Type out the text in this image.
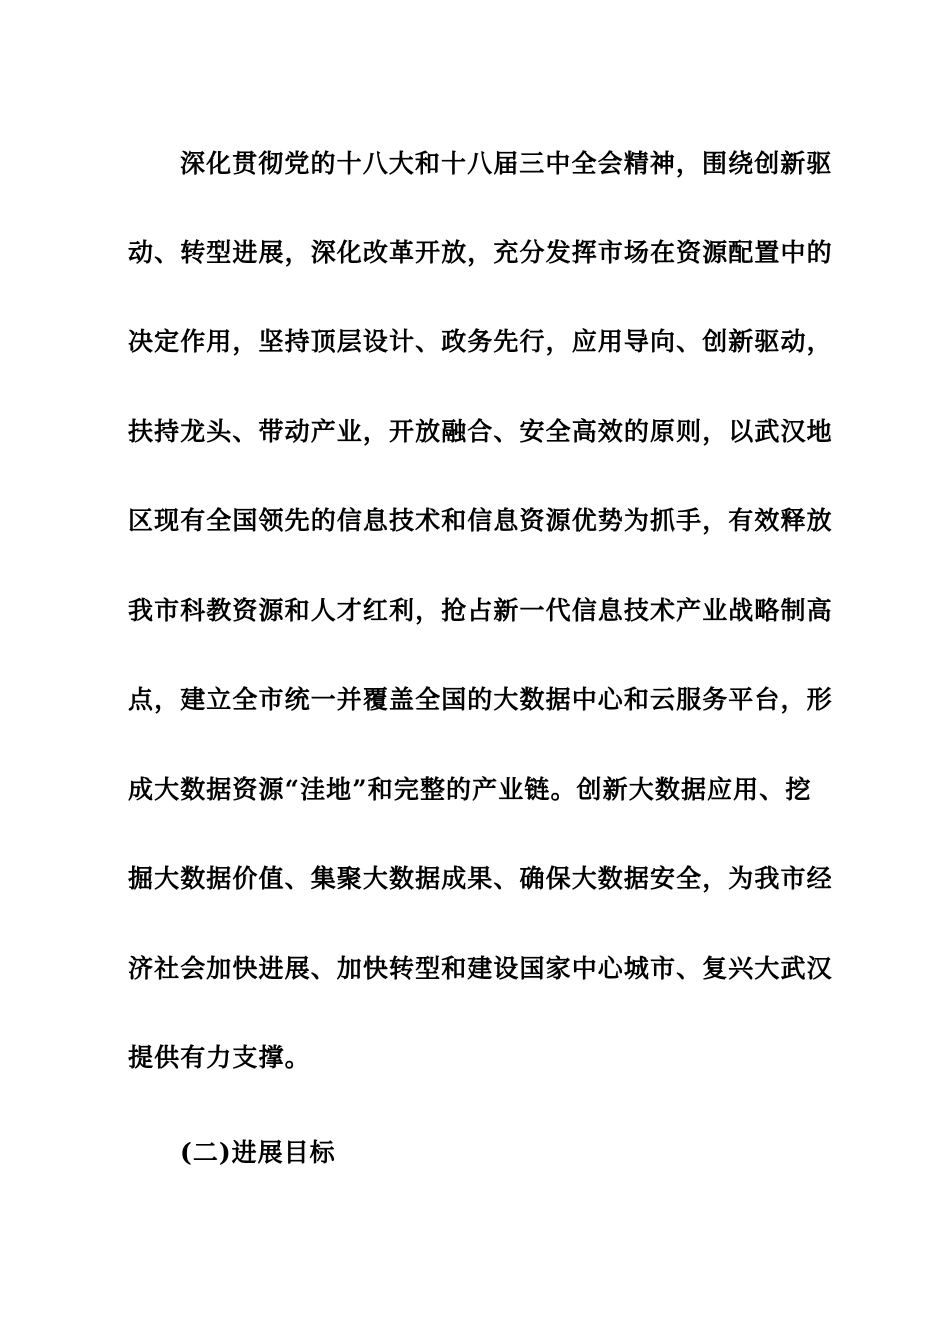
深化贯彻党的十八大和十八届三中全会精神，围绕创新驱
动、转型进展，深化改革开放，充分发挥市场在资源配置中的
决定作用，坚持顶层设计、政务先行，应用导向、创新驱动，
扶持龙头、带动产业，开放融合、安全高效的原则，以武汉地
区现有全国领先的信息技术和信息资源优势为抓手，有效释放
我市科教资源和人才红利，抢占新一代信息技术产业战略制高
点，建立全市统一并覆盖全国的大数据中心和云服务平台，形
成大数据资源“洼地”和完整的产业链。创新大数据应用、挖
掘大数据价值、集聚大数据成果、确保大数据安全，为我市经
济社会加快进展、加快转型和建设国家中心城市、复兴大武汉
提供有力支撑。
(二)进展目标
